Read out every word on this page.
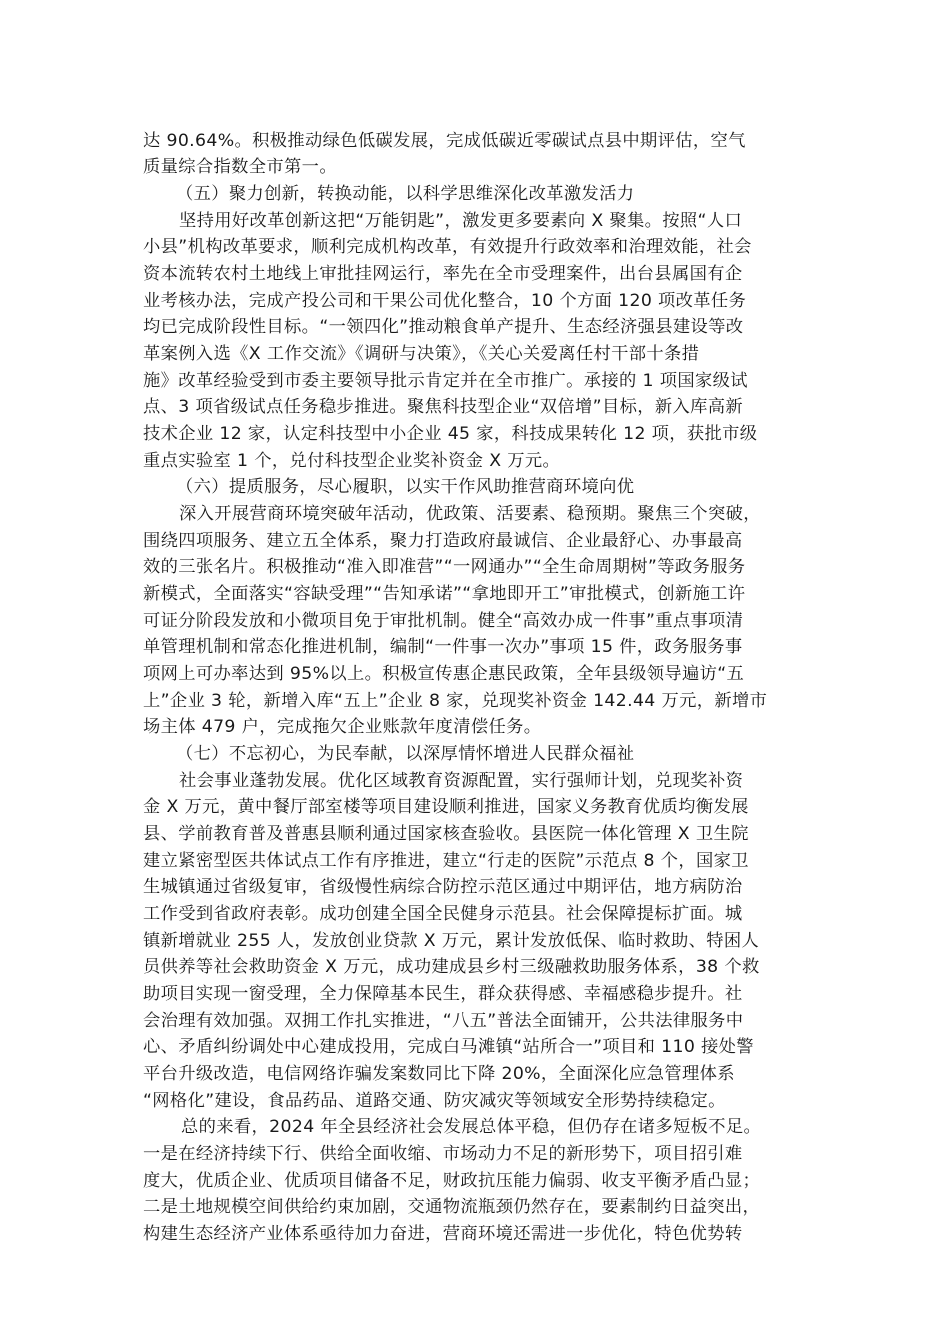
达 90.64%。积极推动绿色低碳发展，完成低碳近零碳试点县中期评估，空气
质量综合指数全市第一。
（五）聚力创新，转换动能，以科学思维深化改革激发活力
坚持用好改革创新这把“万能钥匙”，激发更多要素向 X 聚集。按照“人口
小县”机构改革要求，顺利完成机构改革，有效提升行政效率和治理效能，社会
资本流转农村土地线上审批挂网运行，率先在全市受理案件，出台县属国有企
业考核办法，完成产投公司和干果公司优化整合，10 个方面 120 项改革任务
均已完成阶段性目标。“一领四化”推动粮食单产提升、生态经济强县建设等改
革案例入选《X 工作交流》《调研与决策》，《关心关爱离任村干部十条措
施》改革经验受到市委主要领导批示肯定并在全市推广。承接的 1 项国家级试
点、3 项省级试点任务稳步推进。聚焦科技型企业“双倍增”目标，新入库高新
技术企业 12 家，认定科技型中小企业 45 家，科技成果转化 12 项，获批市级
重点实验室 1 个，兑付科技型企业奖补资金 X 万元。
（六）提质服务，尽心履职，以实干作风助推营商环境向优
深入开展营商环境突破年活动，优政策、活要素、稳预期。聚焦三个突破，
围绕四项服务、建立五全体系，聚力打造政府最诚信、企业最舒心、办事最高
效的三张名片。积极推动“准入即准营”“一网通办”“全生命周期树”等政务服务
新模式，全面落实“容缺受理”“告知承诺”“拿地即开工”审批模式，创新施工许
可证分阶段发放和小微项目免于审批机制。健全“高效办成一件事”重点事项清
单管理机制和常态化推进机制，编制“一件事一次办”事项 15 件，政务服务事
项网上可办率达到 95%以上。积极宣传惠企惠民政策，全年县级领导遍访“五
上”企业 3 轮，新增入库“五上”企业 8 家，兑现奖补资金 142.44 万元，新增市
场主体 479 户，完成拖欠企业账款年度清偿任务。
（七）不忘初心，为民奉献，以深厚情怀增进人民群众福祉
社会事业蓬勃发展。优化区域教育资源配置，实行强师计划，兑现奖补资
金 X 万元，黄中餐厅部室楼等项目建设顺利推进，国家义务教育优质均衡发展
县、学前教育普及普惠县顺利通过国家核查验收。县医院一体化管理 X 卫生院
建立紧密型医共体试点工作有序推进，建立“行走的医院”示范点 8 个，国家卫
生城镇通过省级复审，省级慢性病综合防控示范区通过中期评估，地方病防治
工作受到省政府表彰。成功创建全国全民健身示范县。社会保障提标扩面。城
镇新增就业 255 人，发放创业贷款 X 万元，累计发放低保、临时救助、特困人
员供养等社会救助资金 X 万元，成功建成县乡村三级融救助服务体系，38 个救
助项目实现一窗受理，全力保障基本民生，群众获得感、幸福感稳步提升。社
会治理有效加强。双拥工作扎实推进，“八五”普法全面铺开，公共法律服务中
心、矛盾纠纷调处中心建成投用，完成白马滩镇“站所合一”项目和 110 接处警
平台升级改造，电信网络诈骗发案数同比下降 20%，全面深化应急管理体系
“网格化”建设，食品药品、道路交通、防灾减灾等领域安全形势持续稳定。
总的来看，2024 年全县经济社会发展总体平稳，但仍存在诸多短板不足。
一是在经济持续下行、供给全面收缩、市场动力不足的新形势下，项目招引难
度大，优质企业、优质项目储备不足，财政抗压能力偏弱、收支平衡矛盾凸显；
二是土地规模空间供给约束加剧，交通物流瓶颈仍然存在，要素制约日益突出，
构建生态经济产业体系亟待加力奋进，营商环境还需进一步优化，特色优势转
